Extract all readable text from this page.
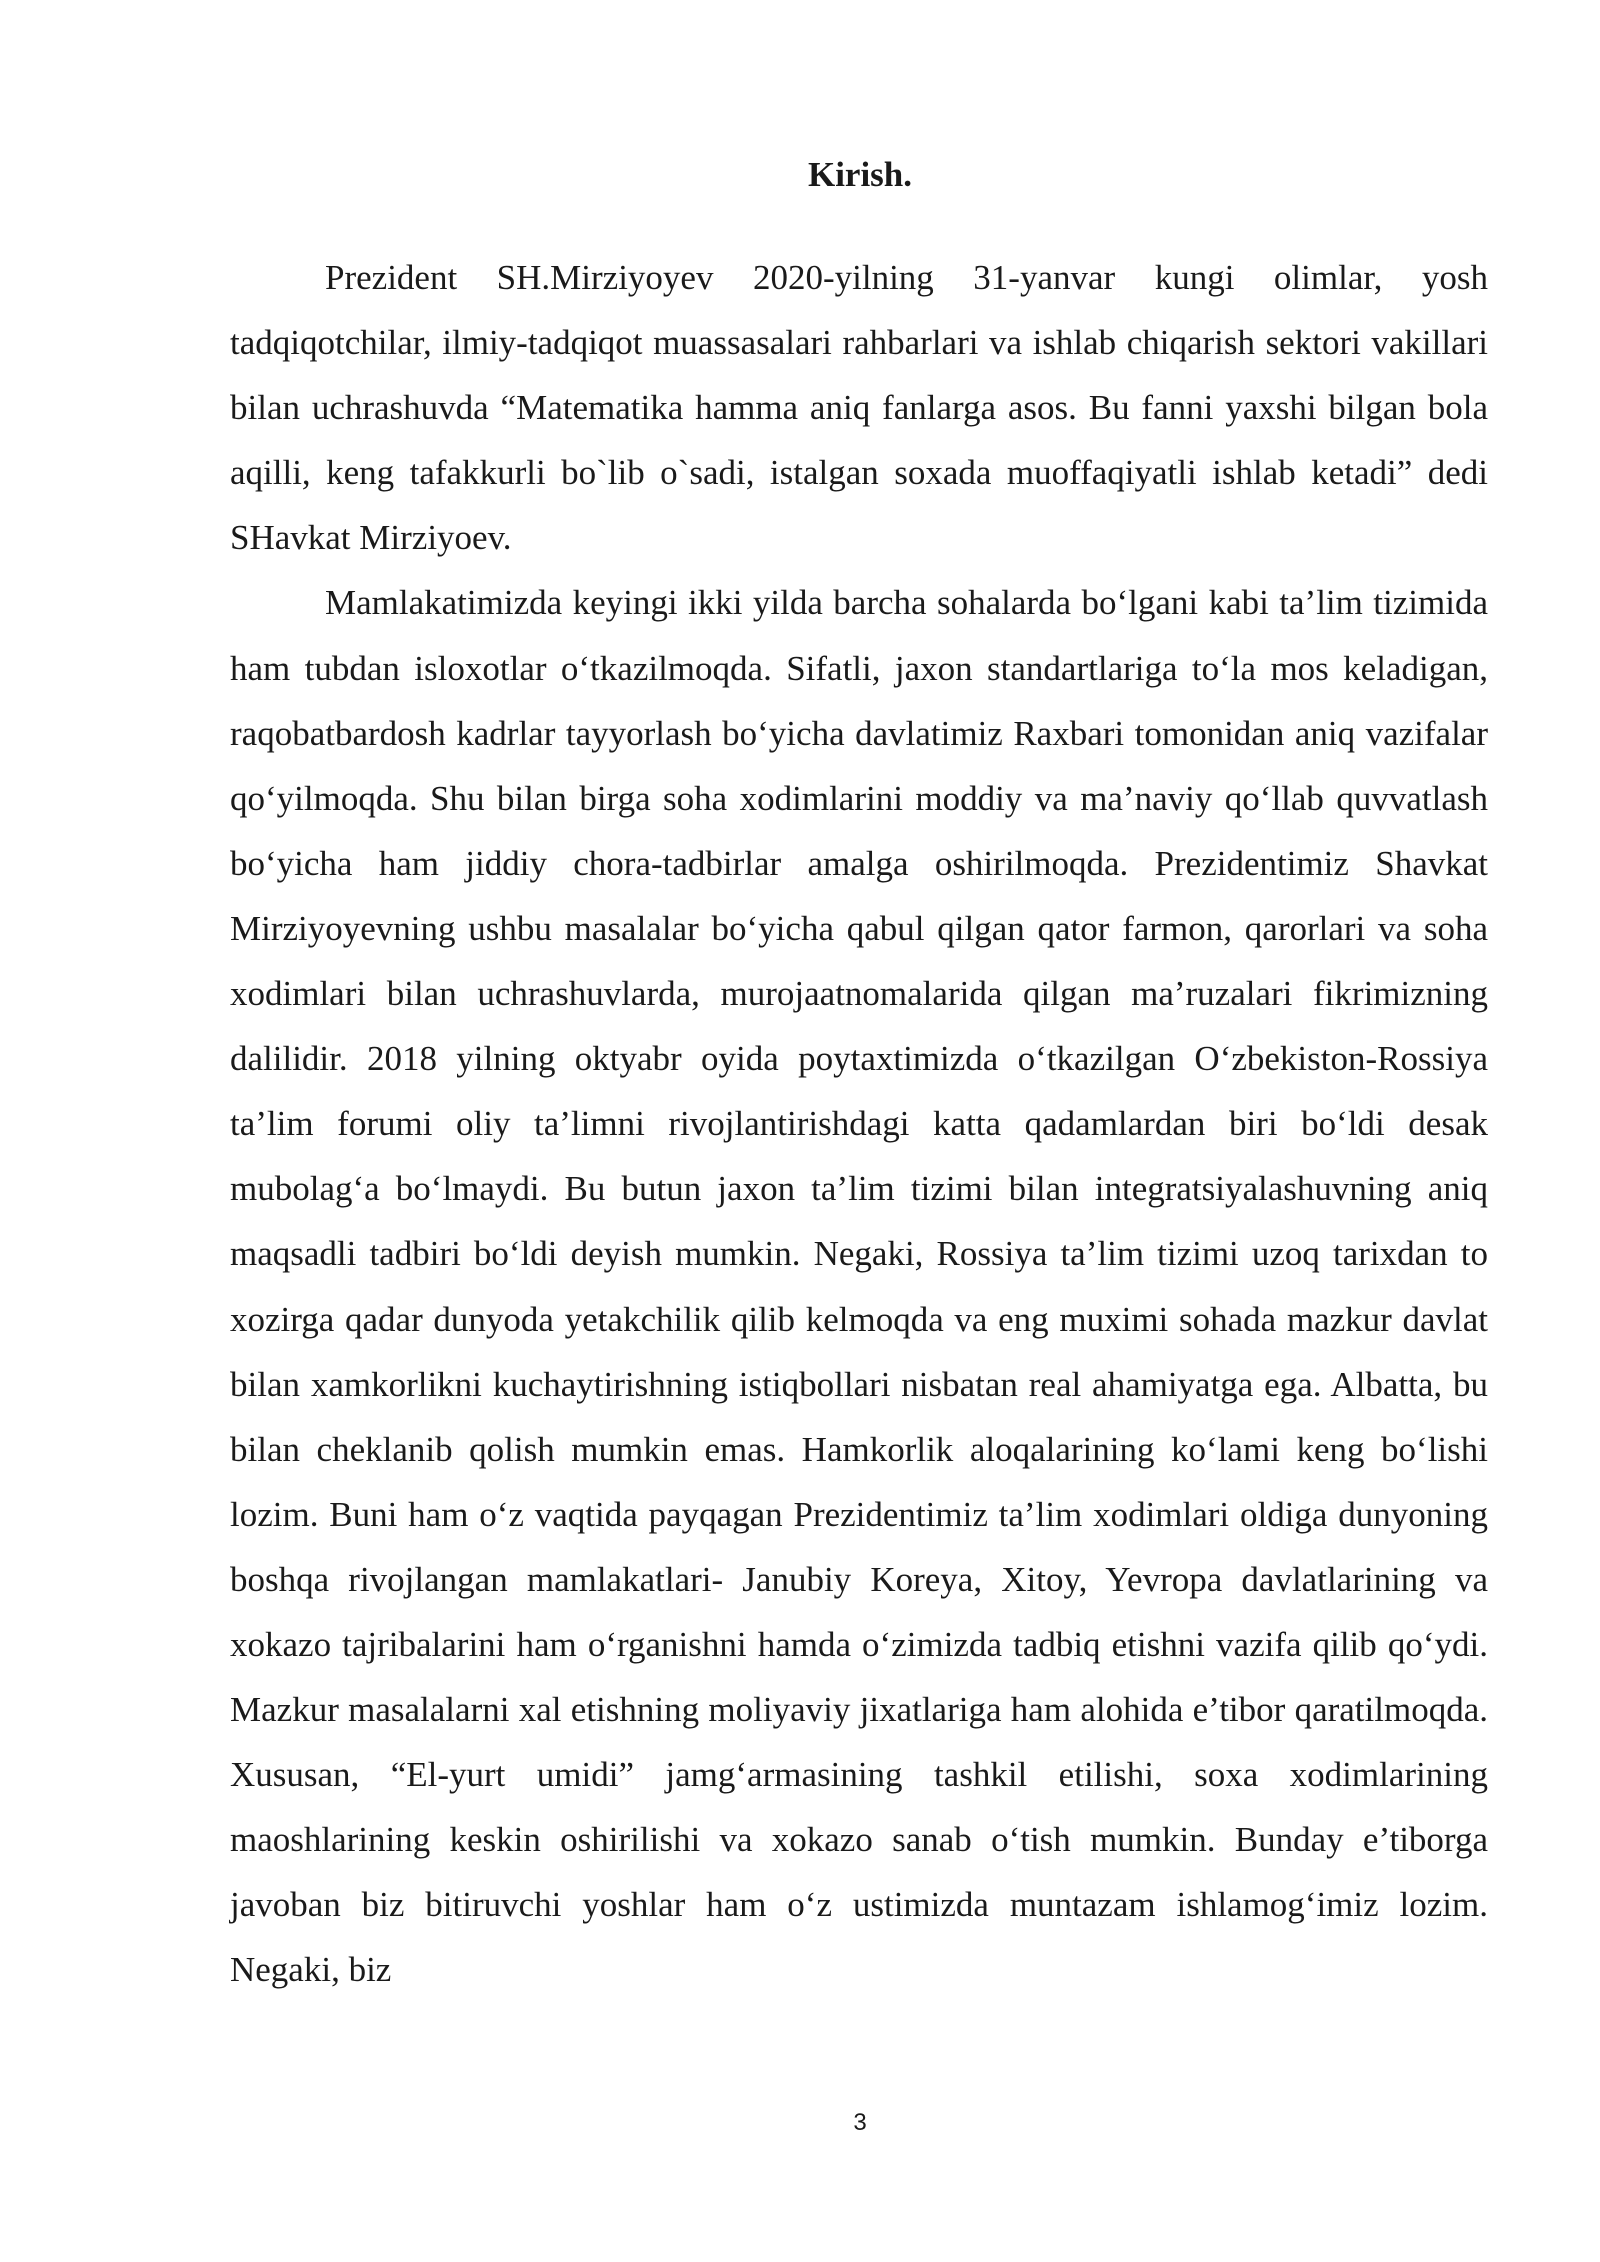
Kirish.

Prezident SH.Mirziyoyev 2020-yilning 31-yanvar kungi olimlar, yosh tadqiqotchilar, ilmiy-tadqiqot muassasalari rahbarlari va ishlab chiqarish sektori vakillari bilan uchrashuvda “Matematika hamma aniq fanlarga asos. Bu fanni yaxshi bilgan bola aqilli, keng tafakkurli bo`lib o`sadi, istalgan soxada muoffaqiyatli ishlab ketadi” dedi SHavkat Mirziyoev.

Mamlakatimizda keyingi ikki yilda barcha sohalarda bo‘lgani kabi ta’lim tizimida ham tubdan isloxotlar o‘tkazilmoqda. Sifatli, jaxon standartlariga to‘la mos keladigan, raqobatbardosh kadrlar tayyorlash bo‘yicha davlatimiz Raxbari tomonidan aniq vazifalar qo‘yilmoqda. Shu bilan birga soha xodimlarini moddiy va ma’naviy qo‘llab quvvatlash bo‘yicha ham jiddiy chora-tadbirlar amalga oshirilmoqda. Prezidentimiz Shavkat Mirziyoyevning ushbu masalalar bo‘yicha qabul qilgan qator farmon, qarorlari va soha xodimlari bilan uchrashuvlarda, murojaatnomalarida qilgan ma’ruzalari fikrimizning dalilidir. 2018 yilning oktyabr oyida poytaxtimizda o‘tkazilgan O‘zbekiston-Rossiya ta’lim forumi oliy ta’limni rivojlantirishdagi katta qadamlardan biri bo‘ldi desak mubolag‘a bo‘lmaydi. Bu butun jaxon ta’lim tizimi bilan integratsiyalashuvning aniq maqsadli tadbiri bo‘ldi deyish mumkin. Negaki, Rossiya ta’lim tizimi uzoq tarixdan to xozirga qadar dunyoda yetakchilik qilib kelmoqda va eng muximi sohada mazkur davlat bilan xamkorlikni kuchaytirishning istiqbollari nisbatan real ahamiyatga ega. Albatta, bu bilan cheklanib qolish mumkin emas. Hamkorlik aloqalarining ko‘lami keng bo‘lishi lozim. Buni ham o‘z vaqtida payqagan Prezidentimiz ta’lim xodimlari oldiga dunyoning boshqa rivojlangan mamlakatlari- Janubiy Koreya, Xitoy, Yevropa davlatlarining va xokazo tajribalarini ham o‘rganishni hamda o‘zimizda tadbiq etishni vazifa qilib qo‘ydi. Mazkur masalalarni xal etishning moliyaviy jixatlariga ham alohida e’tibor qaratilmoqda. Xususan, “El-yurt umidi” jamg‘armasining tashkil etilishi, soxa xodimlarining maoshlarining keskin oshirilishi va xokazo sanab o‘tish mumkin. Bunday e’tiborga javoban biz bitiruvchi yoshlar ham o‘z ustimizda muntazam ishlamog‘imiz lozim. Negaki, biz

3
